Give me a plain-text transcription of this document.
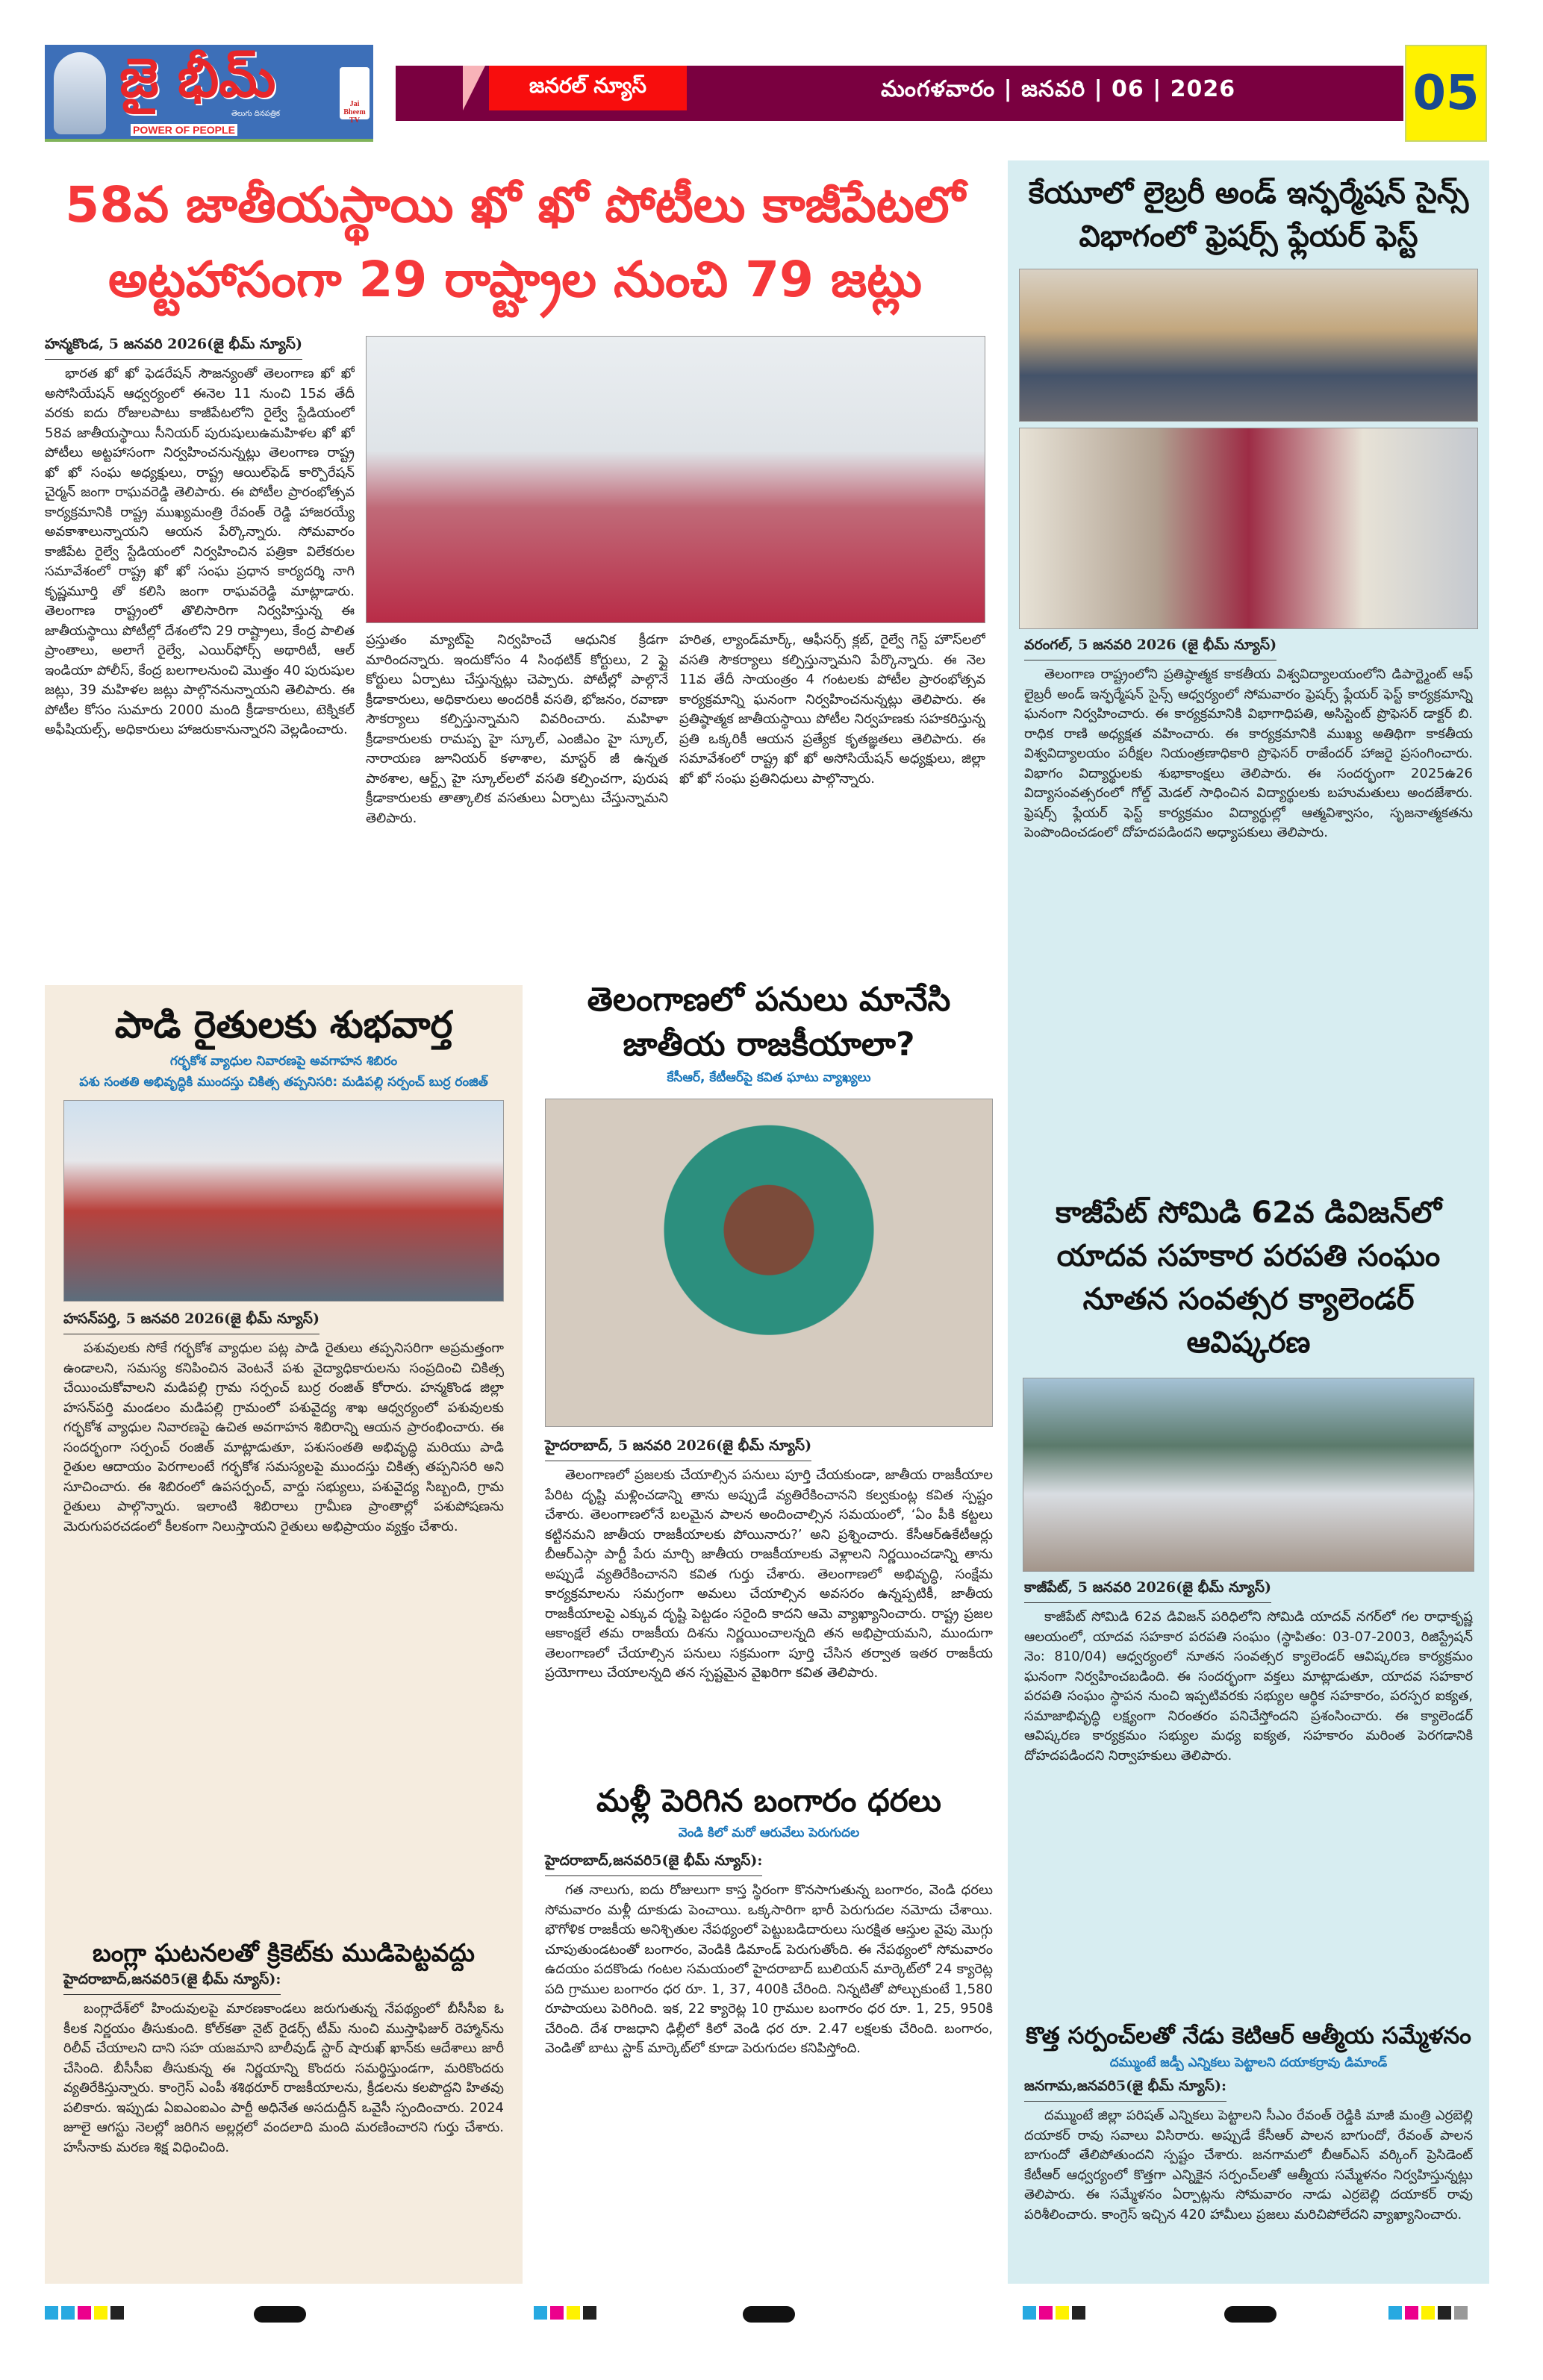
జై భీమ్
తెలుగు దినపత్రిక
POWER OF PEOPLE
Jai Bheem TV
జనరల్ న్యూస్	మంగళవారం | జనవరి | 06 | 2026	05
58వ జాతీయస్థాయి ఖో ఖో పోటీలు కాజీపేటలో
అట్టహాసంగా 29 రాష్ట్రాల నుంచి 79 జట్లు
హన్మకొండ, 5 జనవరి 2026(జై భీమ్ న్యూస్)
భారత ఖో ఖో ఫెడరేషన్ సౌజన్యంతో తెలంగాణ ఖో ఖో అసోసియేషన్ ఆధ్వర్యంలో ఈనెల 11 నుంచి 15వ తేదీ వరకు ఐదు రోజులపాటు కాజీపేటలోని రైల్వే స్టేడియంలో 58వ జాతీయస్థాయి సీనియర్ పురుషులుఉమహిళల ఖో ఖో పోటీలు అట్టహాసంగా నిర్వహించనున్నట్లు తెలంగాణ రాష్ట్ర ఖో ఖో సంఘ అధ్యక్షులు, రాష్ట్ర ఆయిల్‌ఫెడ్ కార్పొరేషన్ చైర్మన్ జంగా రాఘవరెడ్డి తెలిపారు. ఈ పోటీల ప్రారంభోత్సవ కార్యక్రమానికి రాష్ట్ర ముఖ్యమంత్రి రేవంత్ రెడ్డి హాజరయ్యే అవకాశాలున్నాయని ఆయన పేర్కొన్నారు. సోమవారం కాజీపేట రైల్వే స్టేడియంలో నిర్వహించిన పత్రికా విలేకరుల సమావేశంలో రాష్ట్ర ఖో ఖో సంఘ ప్రధాన కార్యదర్శి నాగి కృష్ణమూర్తి తో కలిసి జంగా రాఘవరెడ్డి మాట్లాడారు. తెలంగాణ రాష్ట్రంలో తొలిసారిగా నిర్వహిస్తున్న ఈ జాతీయస్థాయి పోటీల్లో దేశంలోని 29 రాష్ట్రాలు, కేంద్ర పాలిత ప్రాంతాలు, అలాగే రైల్వే, ఎయిర్‌ఫోర్స్ అథారిటీ, ఆల్ ఇండియా పోలీస్, కేంద్ర బలగాలనుంచి మొత్తం 40 పురుషుల జట్లు, 39 మహిళల జట్లు పాల్గొననున్నాయని తెలిపారు. ఈ పోటీల కోసం సుమారు 2000 మంది క్రీడాకారులు, టెక్నికల్ అఫీషియల్స్, అధికారులు హాజరుకానున్నారని వెల్లడించారు.
ప్రస్తుతం మ్యాట్‌పై నిర్వహించే ఆధునిక క్రీడగా మారిందన్నారు. ఇందుకోసం 4 సింథటిక్ కోర్టులు, 2 ఫ్లై కోర్టులు ఏర్పాటు చేస్తున్నట్లు చెప్పారు. పోటీల్లో పాల్గొనే క్రీడాకారులు, అధికారులు అందరికీ వసతి, భోజనం, రవాణా సౌకర్యాలు కల్పిస్తున్నామని వివరించారు. మహిళా క్రీడాకారులకు రామప్ప హై స్కూల్, ఎంజీఎం హై స్కూల్, నారాయణ జూనియర్ కళాశాల, మాస్టర్ జీ ఉన్నత పాఠశాల, ఆర్ట్స్ హై స్కూల్‌లలో వసతి కల్పించగా, పురుష క్రీడాకారులకు తాత్కాలిక వసతులు ఏర్పాటు చేస్తున్నామని తెలిపారు.
హరిత, ల్యాండ్‌మార్క్, ఆఫీసర్స్ క్లబ్, రైల్వే గెస్ట్ హౌస్‌లలో వసతి సౌకర్యాలు కల్పిస్తున్నామని పేర్కొన్నారు. ఈ నెల 11వ తేదీ సాయంత్రం 4 గంటలకు పోటీల ప్రారంభోత్సవ కార్యక్రమాన్ని ఘనంగా నిర్వహించనున్నట్లు తెలిపారు. ఈ ప్రతిష్ఠాత్మక జాతీయస్థాయి పోటీల నిర్వహణకు సహకరిస్తున్న ప్రతి ఒక్కరికీ ఆయన ప్రత్యేక కృతజ్ఞతలు తెలిపారు. ఈ సమావేశంలో రాష్ట్ర ఖో ఖో అసోసియేషన్ అధ్యక్షులు, జిల్లా ఖో ఖో సంఘ ప్రతినిధులు పాల్గొన్నారు.
కేయూలో లైబ్రరీ అండ్ ఇన్ఫర్మేషన్ సైన్స్ విభాగంలో ఫ్రెషర్స్ ఫ్లేయర్ ఫెస్ట్
వరంగల్, 5 జనవరి 2026 (జై భీమ్ న్యూస్)
తెలంగాణ రాష్ట్రంలోని ప్రతిష్ఠాత్మక కాకతీయ విశ్వవిద్యాలయంలోని డిపార్ట్మెంట్ ఆఫ్ లైబ్రరీ అండ్ ఇన్ఫర్మేషన్ సైన్స్ ఆధ్వర్యంలో సోమవారం ఫ్రెషర్స్ ఫ్లేయర్ ఫెస్ట్ కార్యక్రమాన్ని ఘనంగా నిర్వహించారు. ఈ కార్యక్రమానికి విభాగాధిపతి, అసిస్టెంట్ ప్రొఫెసర్ డాక్టర్ బి. రాధిక రాణి అధ్యక్షత వహించారు. ఈ కార్యక్రమానికి ముఖ్య అతిథిగా కాకతీయ విశ్వవిద్యాలయం పరీక్షల నియంత్రణాధికారి ప్రొఫెసర్ రాజేందర్ హాజరై ప్రసంగించారు. విభాగం విద్యార్థులకు శుభాకాంక్షలు తెలిపారు. ఈ సందర్భంగా 2025ఉ26 విద్యాసంవత్సరంలో గోల్డ్ మెడల్ సాధించిన విద్యార్థులకు బహుమతులు అందజేశారు. ఫ్రెషర్స్ ఫ్లేయర్ ఫెస్ట్ కార్యక్రమం విద్యార్థుల్లో ఆత్మవిశ్వాసం, సృజనాత్మకతను పెంపొందించడంలో దోహదపడిందని అధ్యాపకులు తెలిపారు.
కాజీపేట్ సోమిడి 62వ డివిజన్‌లో యాదవ సహకార పరపతి సంఘం నూతన సంవత్సర క్యాలెండర్ ఆవిష్కరణ
కాజీపేట్, 5 జనవరి 2026(జై భీమ్ న్యూస్)
కాజీపేట్ సోమిడి 62వ డివిజన్ పరిధిలోని సోమిడి యాదవ్ నగర్‌లో గల రాధాకృష్ణ ఆలయంలో, యాదవ సహకార పరపతి సంఘం (స్థాపితం: 03-07-2003, రిజిస్ట్రేషన్ నెం: 810/04) ఆధ్వర్యంలో నూతన సంవత్సర క్యాలెండర్ ఆవిష్కరణ కార్యక్రమం ఘనంగా నిర్వహించబడింది. ఈ సందర్భంగా వక్తలు మాట్లాడుతూ, యాదవ సహకార పరపతి సంఘం స్థాపన నుంచి ఇప్పటివరకు సభ్యుల ఆర్థిక సహకారం, పరస్పర ఐక్యత, సమాజాభివృద్ధి లక్ష్యంగా నిరంతరం పనిచేస్తోందని ప్రశంసించారు. ఈ క్యాలెండర్ ఆవిష్కరణ కార్యక్రమం సభ్యుల మధ్య ఐక్యత, సహకారం మరింత పెరగడానికి దోహదపడిందని నిర్వాహకులు తెలిపారు.
కొత్త సర్పంచ్‌లతో నేడు కెటిఆర్ ఆత్మీయ సమ్మేళనం
దమ్ముంటే జడ్పీ ఎన్నికలు పెట్టాలని దయాకర్రావు డిమాండ్
జనగామ,జనవరి5(జై భీమ్ న్యూస్):
దమ్ముంటే జిల్లా పరిషత్ ఎన్నికలు పెట్టాలని సీఎం రేవంత్ రెడ్డికి మాజీ మంత్రి ఎర్రబెల్లి దయాకర్ రావు సవాలు విసిరారు. అప్పుడే కేసీఆర్ పాలన బాగుందో, రేవంత్ పాలన బాగుందో తేలిపోతుందని స్పష్టం చేశారు. జనగామలో బీఆర్ఎస్ వర్కింగ్ ప్రెసిడెంట్ కేటీఆర్ ఆధ్వర్యంలో కొత్తగా ఎన్నికైన సర్పంచ్‌లతో ఆత్మీయ సమ్మేళనం నిర్వహిస్తున్నట్లు తెలిపారు. ఈ సమ్మేళనం ఏర్పాట్లను సోమవారం నాడు ఎర్రబెల్లి దయాకర్ రావు పరిశీలించారు. కాంగ్రెస్ ఇచ్చిన 420 హామీలు ప్రజలు మరిచిపోలేదని వ్యాఖ్యానించారు.
పాడి రైతులకు శుభవార్త
గర్భకోశ వ్యాధుల నివారణపై అవగాహన శిబిరం
పశు సంతతి అభివృద్ధికి ముందస్తు చికిత్స తప్పనిసరి: మడిపల్లి సర్పంచ్ బుర్ర రంజిత్
హసన్‌పర్తి, 5 జనవరి 2026(జై భీమ్ న్యూస్)
పశువులకు సోకే గర్భకోశ వ్యాధుల పట్ల పాడి రైతులు తప్పనిసరిగా అప్రమత్తంగా ఉండాలని, సమస్య కనిపించిన వెంటనే పశు వైద్యాధికారులను సంప్రదించి చికిత్స చేయించుకోవాలని మడిపల్లి గ్రామ సర్పంచ్ బుర్ర రంజిత్ కోరారు. హన్మకొండ జిల్లా హసన్‌పర్తి మండలం మడిపల్లి గ్రామంలో పశువైద్య శాఖ ఆధ్వర్యంలో పశువులకు గర్భకోశ వ్యాధుల నివారణపై ఉచిత అవగాహన శిబిరాన్ని ఆయన ప్రారంభించారు. ఈ సందర్భంగా సర్పంచ్ రంజిత్ మాట్లాడుతూ, పశుసంతతి అభివృద్ధి మరియు పాడి రైతుల ఆదాయం పెరగాలంటే గర్భకోశ సమస్యలపై ముందస్తు చికిత్స తప్పనిసరి అని సూచించారు. ఈ శిబిరంలో ఉపసర్పంచ్, వార్డు సభ్యులు, పశువైద్య సిబ్బంది, గ్రామ రైతులు పాల్గొన్నారు. ఇలాంటి శిబిరాలు గ్రామీణ ప్రాంతాల్లో పశుపోషణను మెరుగుపరచడంలో కీలకంగా నిలుస్తాయని రైతులు అభిప్రాయం వ్యక్తం చేశారు.
బంగ్లా ఘటనలతో క్రికెట్‌కు ముడిపెట్టవద్దు
హైదరాబాద్,జనవరి5(జై భీమ్ న్యూస్):
బంగ్లాదేశ్‌లో హిందువులపై మారణకాండలు జరుగుతున్న నేపథ్యంలో బీసీసీఐ ఓ కీలక నిర్ణయం తీసుకుంది. కోల్‌కతా నైట్ రైడర్స్ టీమ్ నుంచి ముస్తాఫిజుర్ రెహ్మాన్‌ను రిలీవ్ చేయాలని దాని సహ యజమాని బాలీవుడ్ స్టార్ షారుఖ్ ఖాన్‌కు ఆదేశాలు జారీ చేసింది. బీసీసీఐ తీసుకున్న ఈ నిర్ణయాన్ని కొందరు సమర్థిస్తుండగా, మరికొందరు వ్యతిరేకిస్తున్నారు. కాంగ్రెస్ ఎంపీ శశిథరూర్ రాజకీయాలను, క్రీడలను కలపొద్దని హితవు పలికారు. ఇప్పుడు ఏఐఎంఐఎం పార్టీ అధినేత అసదుద్దీన్ ఒవైసీ స్పందించారు. 2024 జూలై ఆగస్టు నెలల్లో జరిగిన అల్లర్లలో వందలాది మంది మరణించారని గుర్తు చేశారు. హసీనాకు మరణ శిక్ష విధించింది.
తెలంగాణలో పనులు మానేసి జాతీయ రాజకీయాలా?
కేసీఆర్, కేటీఆర్‌పై కవిత ఘాటు వ్యాఖ్యలు
హైదరాబాద్, 5 జనవరి 2026(జై భీమ్ న్యూస్)
తెలంగాణలో ప్రజలకు చేయాల్సిన పనులు పూర్తి చేయకుండా, జాతీయ రాజకీయాల పేరిట దృష్టి మళ్లించడాన్ని తాను అప్పుడే వ్యతిరేకించానని కల్వకుంట్ల కవిత స్పష్టం చేశారు. తెలంగాణలోనే బలమైన పాలన అందించాల్సిన సమయంలో, ‘ఏం పీకి కట్టలు కట్టినమని జాతీయ రాజకీయాలకు పోయినారు?’ అని ప్రశ్నించారు. కేసీఆర్ఉకేటీఆర్లు బీఆర్ఎస్గా పార్టీ పేరు మార్చి జాతీయ రాజకీయాలకు వెళ్లాలని నిర్ణయించడాన్ని తాను అప్పుడే వ్యతిరేకించానని కవిత గుర్తు చేశారు. తెలంగాణలో అభివృద్ధి, సంక్షేమ కార్యక్రమాలను సమగ్రంగా అమలు చేయాల్సిన అవసరం ఉన్నప్పటికీ, జాతీయ రాజకీయాలపై ఎక్కువ దృష్టి పెట్టడం సరైంది కాదని ఆమె వ్యాఖ్యానించారు. రాష్ట్ర ప్రజల ఆకాంక్షలే తమ రాజకీయ దిశను నిర్ణయించాలన్నది తన అభిప్రాయమని, ముందుగా తెలంగాణలో చేయాల్సిన పనులు సక్రమంగా పూర్తి చేసిన తర్వాత ఇతర రాజకీయ ప్రయోగాలు చేయాలన్నది తన స్పష్టమైన వైఖరిగా కవిత తెలిపారు.
మళ్లీ పెరిగిన బంగారం ధరలు
వెండి కిలో మరో ఆరువేలు పెరుగుదల
హైదరాబాద్,జనవరి5(జై భీమ్ న్యూస్):
గత నాలుగు, ఐదు రోజులుగా కాస్త స్థిరంగా కొనసాగుతున్న బంగారం, వెండి ధరలు సోమవారం మళ్లీ దూకుడు పెంచాయి. ఒక్కసారిగా భారీ పెరుగుదల నమోదు చేశాయి. భౌగోళిక రాజకీయ అనిశ్చితుల నేపథ్యంలో పెట్టుబడిదారులు సురక్షిత ఆస్తుల వైపు మొగ్గు చూపుతుండటంతో బంగారం, వెండికి డిమాండ్ పెరుగుతోంది. ఈ నేపథ్యంలో సోమవారం ఉదయం పదకొండు గంటల సమయంలో హైదరాబాద్ బులియన్ మార్కెట్‌లో 24 క్యారెట్ల పది గ్రాముల బంగారం ధర రూ. 1, 37, 400కి చేరింది. నిన్నటితో పోల్చుకుంటే 1,580 రూపాయలు పెరిగింది. ఇక, 22 క్యారెట్ల 10 గ్రాముల బంగారం ధర రూ. 1, 25, 950కి చేరింది. దేశ రాజధాని ఢిల్లీలో కిలో వెండి ధర రూ. 2.47 లక్షలకు చేరింది. బంగారం, వెండితో బాటు స్టాక్ మార్కెట్‌లో కూడా పెరుగుదల కనిపిస్తోంది.
